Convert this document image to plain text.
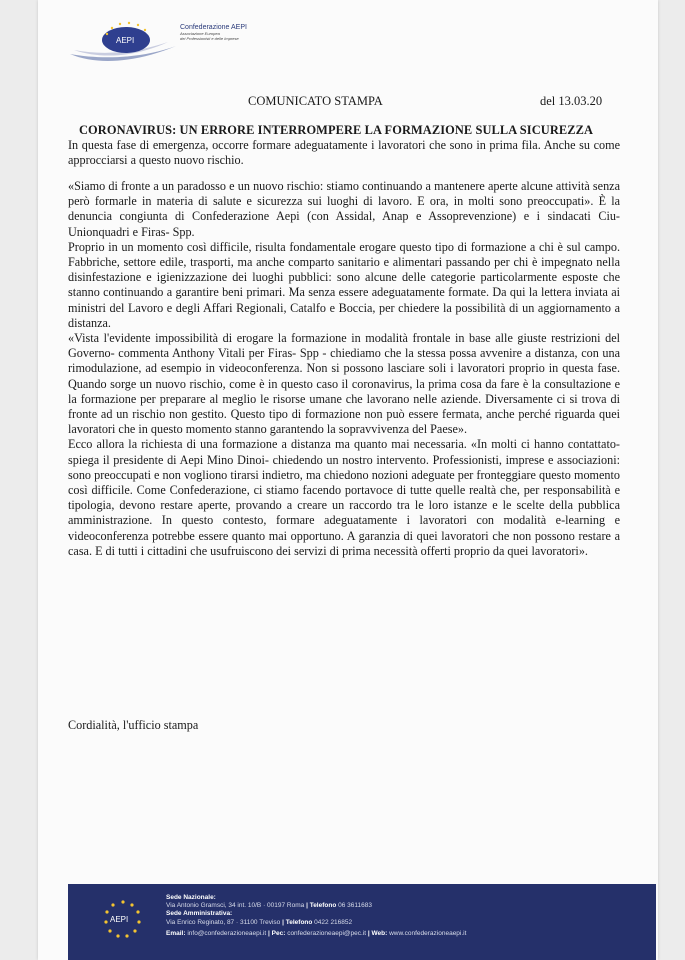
AEPI
Confederazione AEPI
Associazione Europea
dei Professionisti e delle Imprese
COMUNICATO STAMPA	del 13.03.20
CORONAVIRUS: UN ERRORE INTERROMPERE LA FORMAZIONE SULLA SICUREZZA
In questa fase di emergenza, occorre formare adeguatamente i lavoratori che sono in prima fila. Anche su come approcciarsi a questo nuovo rischio.

«Siamo di fronte a un paradosso e un nuovo rischio: stiamo continuando a mantenere aperte alcune attività senza però formarle in materia di salute e sicurezza sui luoghi di lavoro. E ora, in molti sono preoccupati». È la denuncia congiunta di Confederazione Aepi (con Assidal, Anap e Assoprevenzione) e i sindacati Ciu- Unionquadri e Firas- Spp.

Proprio in un momento così difficile, risulta fondamentale erogare questo tipo di formazione a chi è sul campo. Fabbriche, settore edile, trasporti, ma anche comparto sanitario e alimentari passando per chi è impegnato nella disinfestazione e igienizzazione dei luoghi pubblici: sono alcune delle categorie particolarmente esposte che stanno continuando a garantire beni primari. Ma senza essere adeguatamente formate. Da qui la lettera inviata ai ministri del Lavoro e degli Affari Regionali, Catalfo e Boccia, per chiedere la possibilità di un aggiornamento a distanza.

«Vista l'evidente impossibilità di erogare la formazione in modalità frontale in base alle giuste restrizioni del Governo- commenta Anthony Vitali per Firas- Spp - chiediamo che la stessa possa avvenire a distanza, con una rimodulazione, ad esempio in videoconferenza. Non si possono lasciare soli i lavoratori proprio in questa fase. Quando sorge un nuovo rischio, come è in questo caso il coronavirus, la prima cosa da fare è la consultazione e la formazione per preparare al meglio le risorse umane che lavorano nelle aziende. Diversamente ci si trova di fronte ad un rischio non gestito. Questo tipo di formazione non può essere fermata, anche perché riguarda quei lavoratori che in questo momento stanno garantendo la sopravvivenza del Paese».

Ecco allora la richiesta di una formazione a distanza ma quanto mai necessaria. «In molti ci hanno contattato- spiega il presidente di Aepi Mino Dinoi- chiedendo un nostro intervento. Professionisti, imprese e associazioni: sono preoccupati e non vogliono tirarsi indietro, ma chiedono nozioni adeguate per fronteggiare questo momento così difficile. Come Confederazione, ci stiamo facendo portavoce di tutte quelle realtà che, per responsabilità e tipologia, devono restare aperte, provando a creare un raccordo tra le loro istanze e le scelte della pubblica amministrazione. In questo contesto, formare adeguatamente i lavoratori con modalità e-learning e videoconferenza potrebbe essere quanto mai opportuno. A garanzia di quei lavoratori che non possono restare a casa. E di tutti i cittadini che usufruiscono dei servizi di prima necessità offerti proprio da quei lavoratori».

Cordialità, l'ufficio stampa
AEPI
Sede Nazionale:
Via Antonio Gramsci, 34 int. 10/B · 00197 Roma | Telefono 06 3611683
Sede Amministrativa:
Via Enrico Reginato, 87 · 31100 Treviso | Telefono 0422 216852
Email: info@confederazioneaepi.it | Pec: confederazioneaepi@pec.it | Web: www.confederazioneaepi.it
